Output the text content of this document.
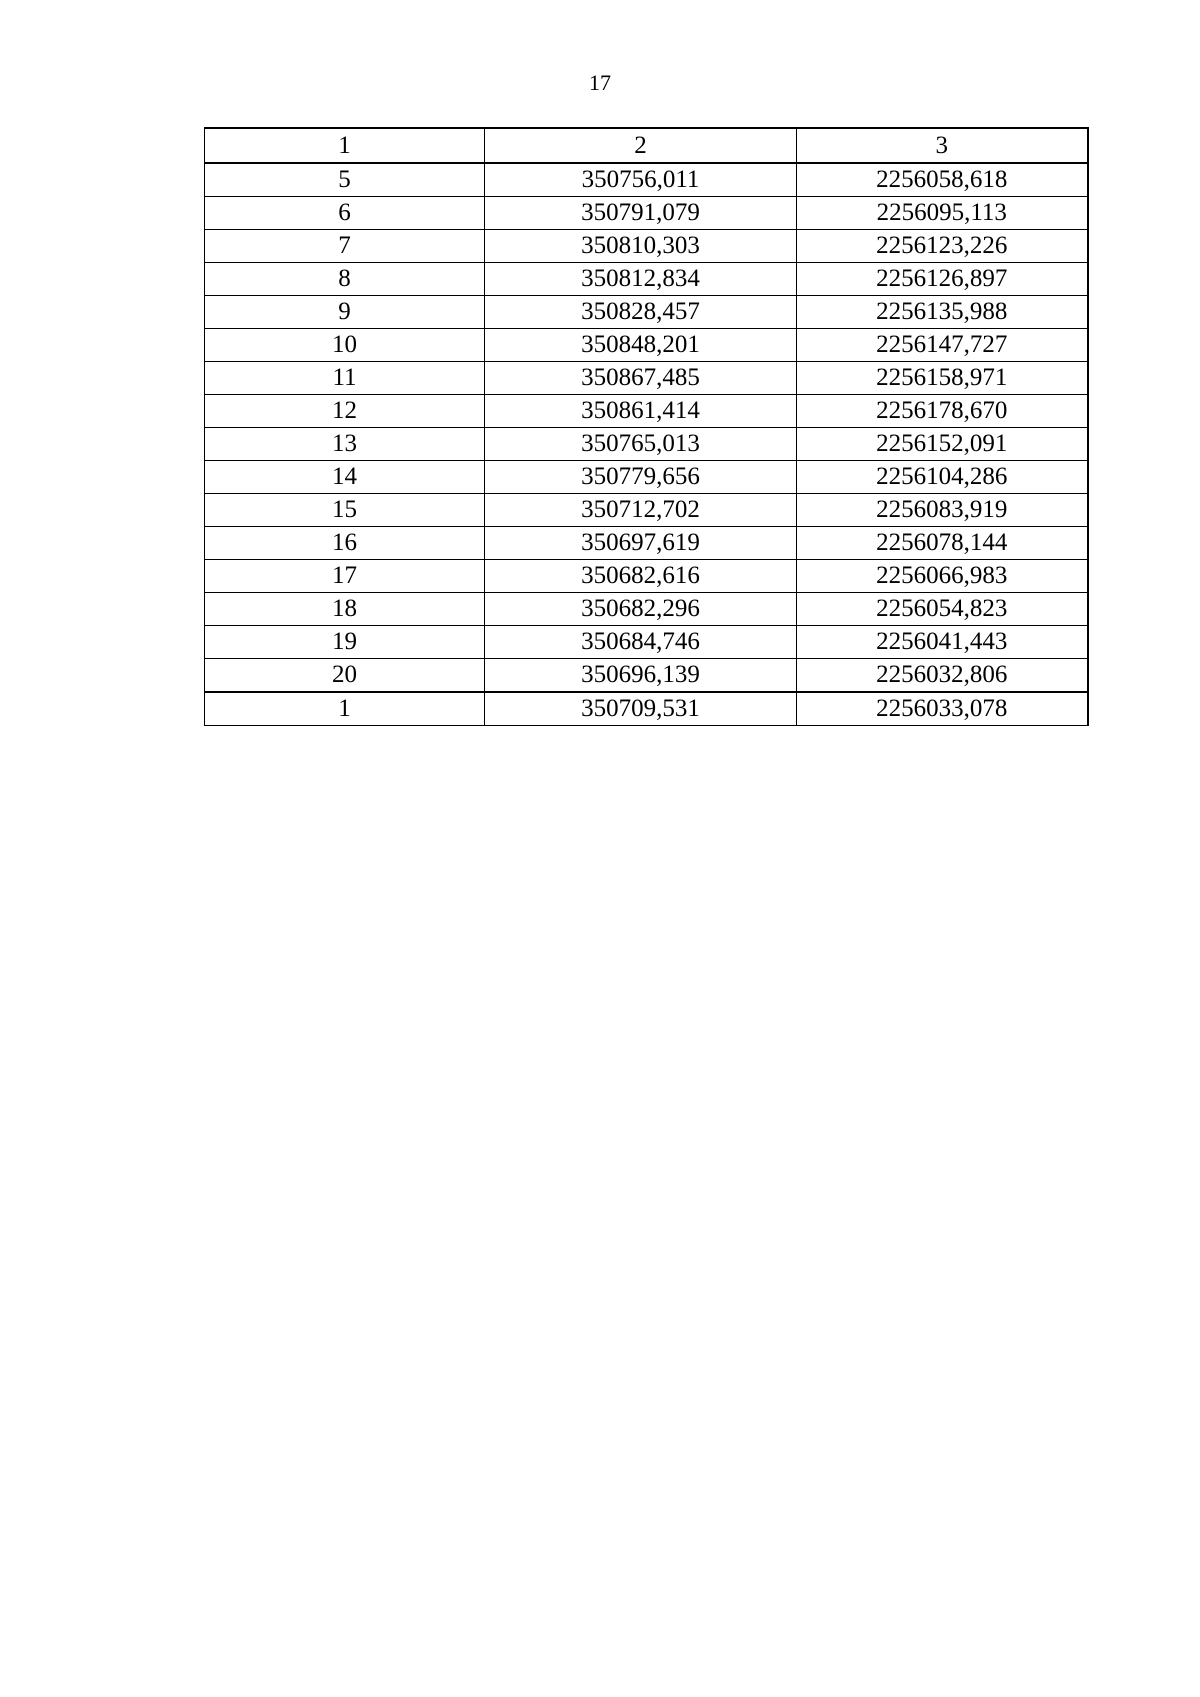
17
1	2	3
5	350756,011	2256058,618
6	350791,079	2256095,113
7	350810,303	2256123,226
8	350812,834	2256126,897
9	350828,457	2256135,988
10	350848,201	2256147,727
11	350867,485	2256158,971
12	350861,414	2256178,670
13	350765,013	2256152,091
14	350779,656	2256104,286
15	350712,702	2256083,919
16	350697,619	2256078,144
17	350682,616	2256066,983
18	350682,296	2256054,823
19	350684,746	2256041,443
20	350696,139	2256032,806
1	350709,531	2256033,078
